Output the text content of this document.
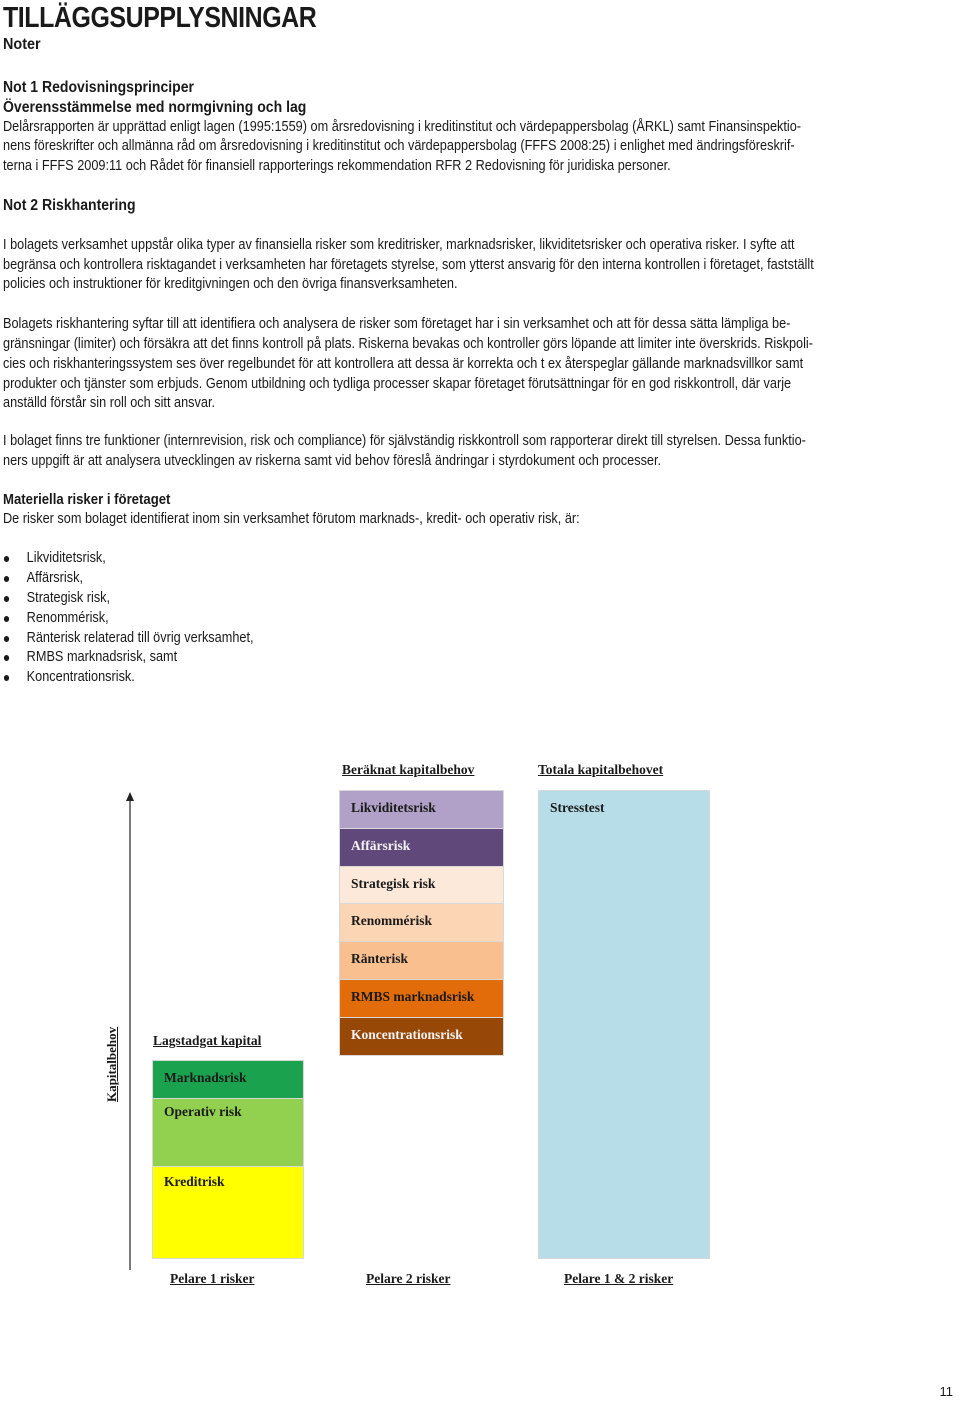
TILLÄGGSUPPLYSNINGAR
Noter

Not 1 Redovisningsprinciper

Överensstämmelse med normgivning och lag

Delårsrapporten är upprättad enligt lagen (1995:1559) om årsredovisning i kreditinstitut och värdepappersbolag (ÅRKL) samt Finansinspektio-

nens föreskrifter och allmänna råd om årsredovisning i kreditinstitut och värdepappersbolag (FFFS 2008:25) i enlighet med ändringsföreskrif-

terna i FFFS 2009:11 och Rådet för finansiell rapporterings rekommendation RFR 2 Redovisning för juridiska personer.

Not 2 Riskhantering

I bolagets verksamhet uppstår olika typer av finansiella risker som kreditrisker, marknadsrisker, likviditetsrisker och operativa risker. I syfte att

begränsa och kontrollera risktagandet i verksamheten har företagets styrelse, som ytterst ansvarig för den interna kontrollen i företaget, fastställt

policies och instruktioner för kreditgivningen och den övriga finansverksamheten.

Bolagets riskhantering syftar till att identifiera och analysera de risker som företaget har i sin verksamhet och att för dessa sätta lämpliga be-

gränsningar (limiter) och försäkra att det finns kontroll på plats. Riskerna bevakas och kontroller görs löpande att limiter inte överskrids. Riskpoli-

cies och riskhanteringssystem ses över regelbundet för att kontrollera att dessa är korrekta och t ex återspeglar gällande marknadsvillkor samt

produkter och tjänster som erbjuds. Genom utbildning och tydliga processer skapar företaget förutsättningar för en god riskkontroll, där varje

anställd förstår sin roll och sitt ansvar.

I bolaget finns tre funktioner (internrevision, risk och compliance) för självständig riskkontroll som rapporterar direkt till styrelsen. Dessa funktio-

ners uppgift är att analysera utvecklingen av riskerna samt vid behov föreslå ändringar i styrdokument och processer.

Materiella risker i företaget

De risker som bolaget identifierat inom sin verksamhet förutom marknads-, kredit- och operativ risk, är:

Likviditetsrisk,
Affärsrisk,
Strategisk risk,
Renommérisk,
Ränterisk relaterad till övrig verksamhet,
RMBS marknadsrisk, samt
Koncentrationsrisk.
Kapitalbehov	Lagstadgat kapital
Marknadsrisk
Operativ risk
Kreditrisk
Pelare 1 risker
Beräknat kapitalbehov
Likviditetsrisk
Affärsrisk
Strategisk risk
Renommérisk
Ränterisk
RMBS marknadsrisk
Koncentrationsrisk
Pelare 2 risker
Totala kapitalbehovet
Stresstest
Pelare 1 & 2 risker
11
